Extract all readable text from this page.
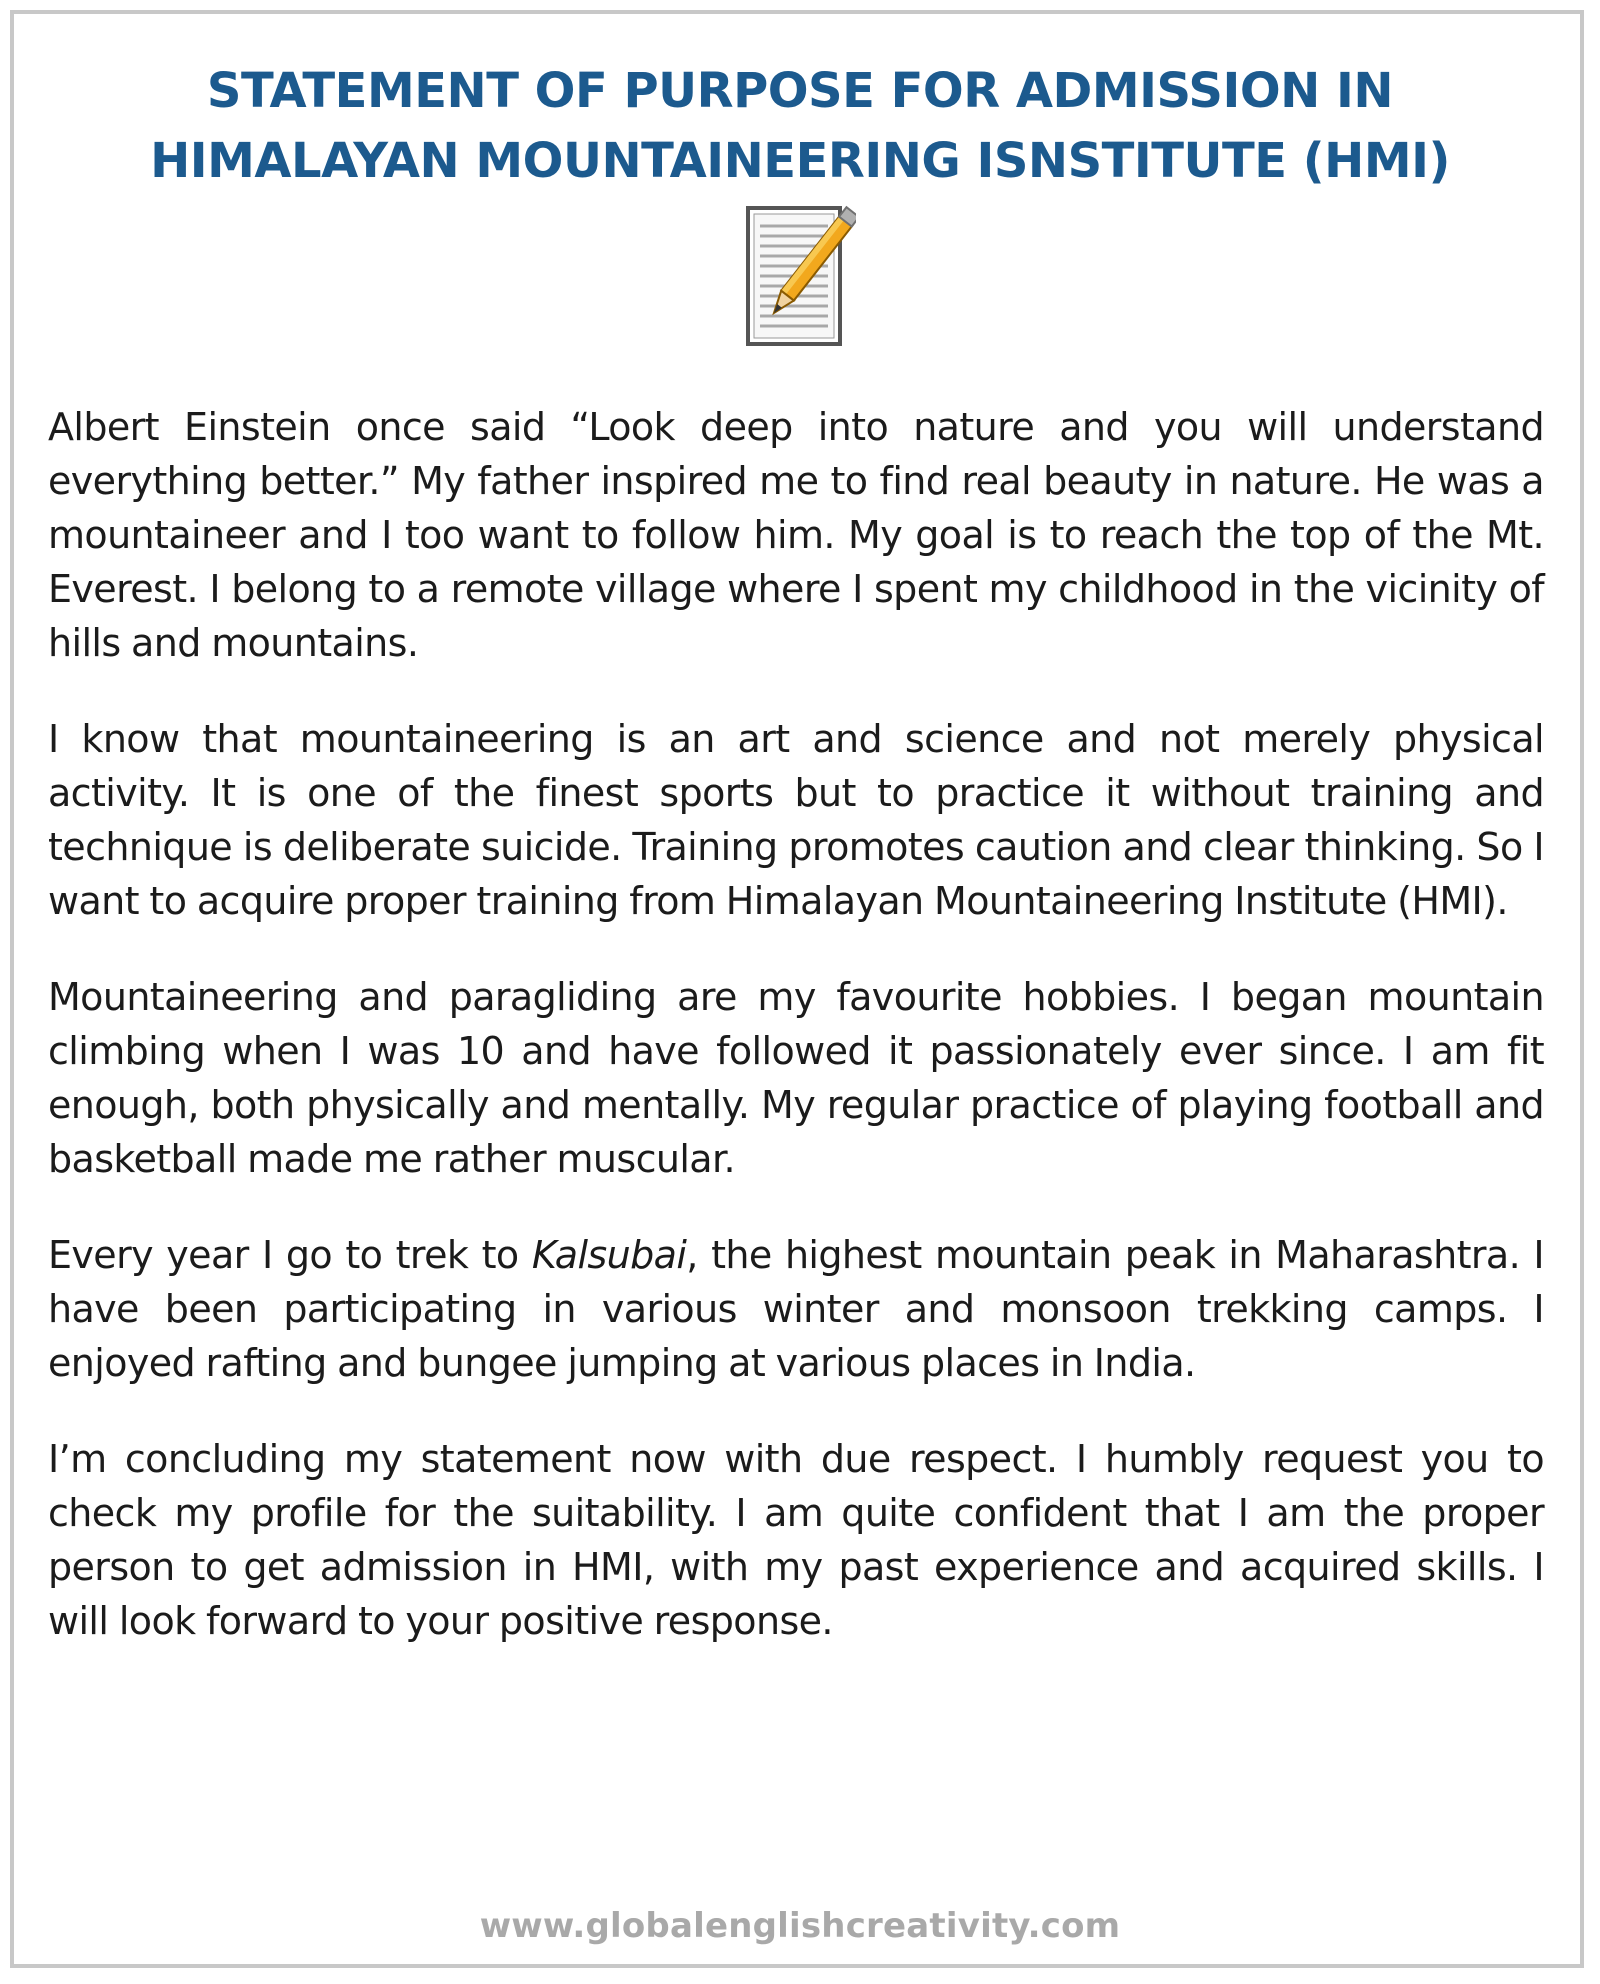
STATEMENT OF PURPOSE FOR ADMISSION IN
HIMALAYAN MOUNTAINEERING ISNSTITUTE (HMI)

Albert Einstein once said “Look deep into nature and you will understand everything better.” My father inspired me to find real beauty in nature. He was a mountaineer and I too want to follow him. My goal is to reach the top of the Mt. Everest. I belong to a remote village where I spent my childhood in the vicinity of hills and mountains.

I know that mountaineering is an art and science and not merely physical activity. It is one of the finest sports but to practice it without training and technique is deliberate suicide. Training promotes caution and clear thinking. So I want to acquire proper training from Himalayan Mountaineering Institute (HMI).

Mountaineering and paragliding are my favourite hobbies. I began mountain climbing when I was 10 and have followed it passionately ever since. I am fit enough, both physically and mentally. My regular practice of playing football and basketball made me rather muscular.

Every year I go to trek to Kalsubai, the highest mountain peak in Maharashtra. I have been participating in various winter and monsoon trekking camps. I enjoyed rafting and bungee jumping at various places in India.

I’m concluding my statement now with due respect. I humbly request you to check my profile for the suitability. I am quite confident that I am the proper person to get admission in HMI, with my past experience and acquired skills. I will look forward to your positive response.

www.globalenglishcreativity.com
